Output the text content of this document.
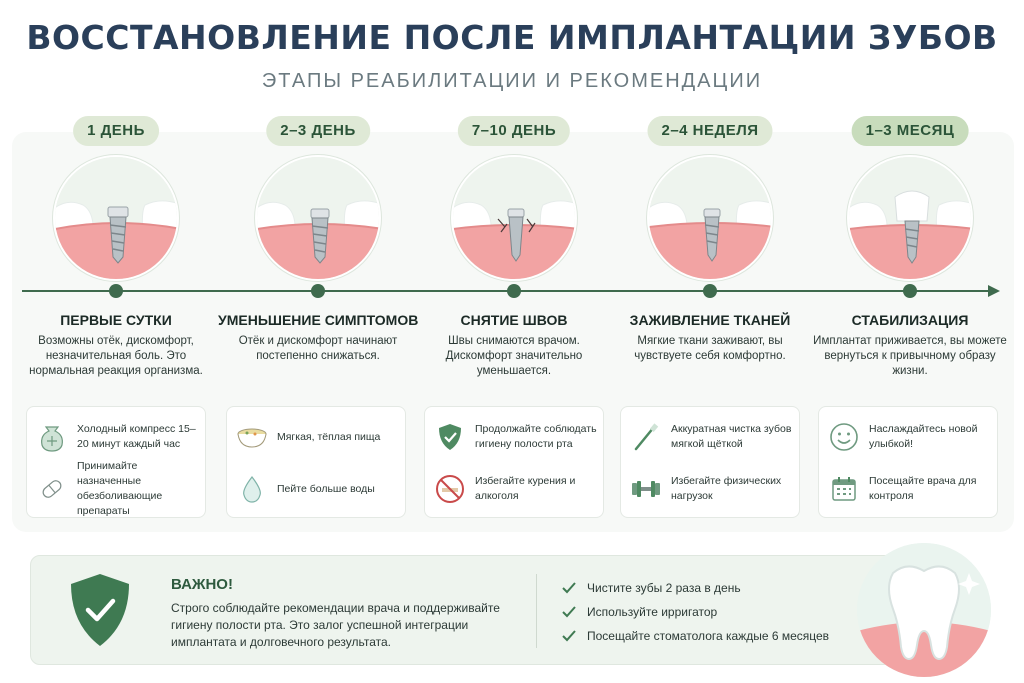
ВОССТАНОВЛЕНИЕ ПОСЛЕ ИМПЛАНТАЦИИ ЗУБОВ
ЭТАПЫ РЕАБИЛИТАЦИИ И РЕКОМЕНДАЦИИ
1 ДЕНЬ
ПЕРВЫЕ СУТКИ
Возможны отёк, дискомфорт, незначительная боль. Это нормальная реакция организма.
2–3 ДЕНЬ
УМЕНЬШЕНИЕ СИМПТОМОВ
Отёк и дискомфорт начинают постепенно снижаться.
7–10 ДЕНЬ
СНЯТИЕ ШВОВ
Швы снимаются врачом. Дискомфорт значительно уменьшается.
2–4 НЕДЕЛЯ
ЗАЖИВЛЕНИЕ ТКАНЕЙ
Мягкие ткани заживают, вы чувствуете себя комфортно.
1–3 МЕСЯЦ
СТАБИЛИЗАЦИЯ
Имплантат приживается, вы можете вернуться к привычному образу жизни.
Холодный компресс 15–20 минут каждый час
Принимайте назначенные обезболивающие препараты
Мягкая, тёплая пища
Пейте больше воды
Продолжайте соблюдать гигиену полости рта
Избегайте курения и алкоголя
Аккуратная чистка зубов мягкой щёткой
Избегайте физических нагрузок
Наслаждайтесь новой улыбкой!
Посещайте врача для контроля
ВАЖНО!
Строго соблюдайте рекомендации врача и поддерживайте гигиену полости рта. Это залог успешной интеграции имплантата и долговечного результата.
Чистите зубы 2 раза в день
Используйте ирригатор
Посещайте стоматолога каждые 6 месяцев
